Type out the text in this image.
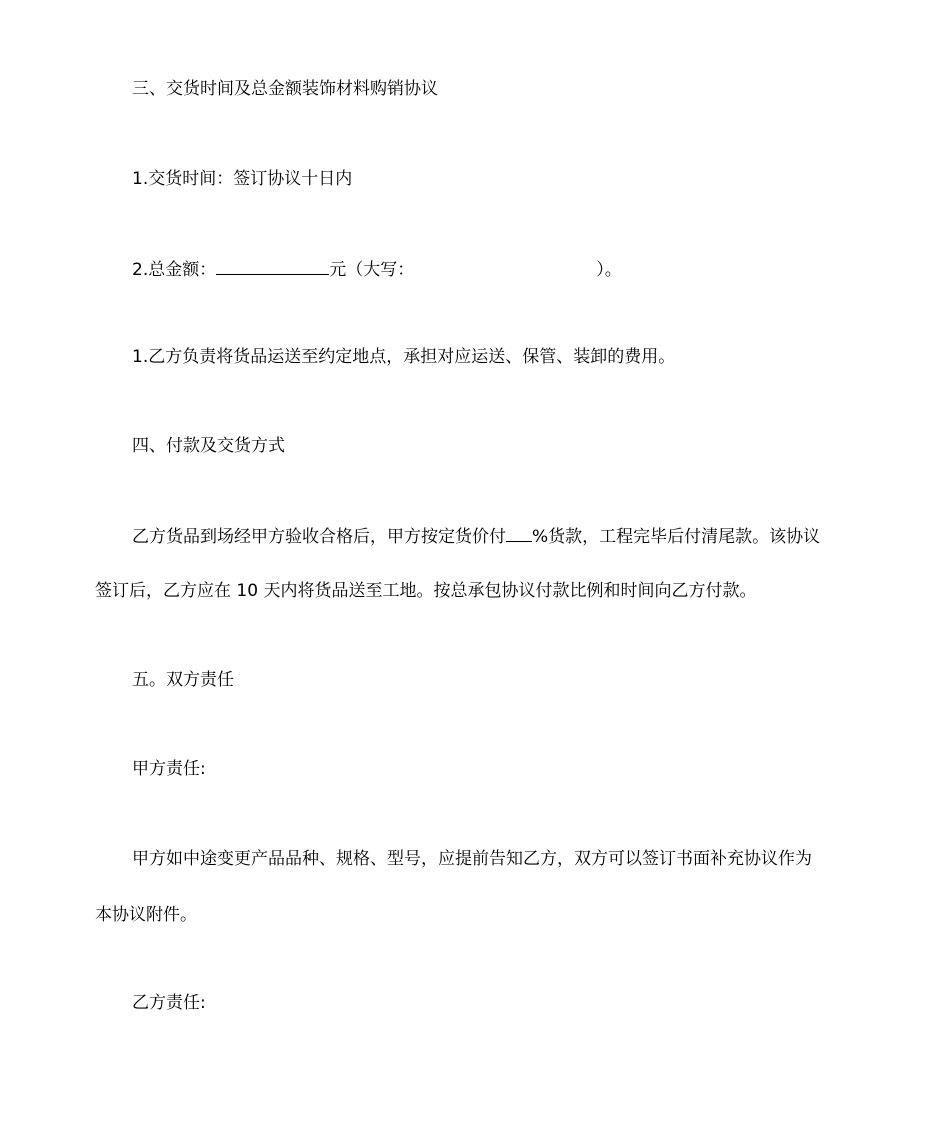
三、交货时间及总金额装饰材料购销协议
1.交货时间：签订协议十日内
2.总金额：	元（大写：	）。
1.乙方负责将货品运送至约定地点，承担对应运送、保管、装卸的费用。
四、付款及交货方式
乙方货品到场经甲方验收合格后，甲方按定货价付 %货款，工程完毕后付清尾款。该协议
签订后，乙方应在 10 天内将货品送至工地。按总承包协议付款比例和时间向乙方付款。
五。双方责任
甲方责任:
甲方如中途变更产品品种、规格、型号，应提前告知乙方，双方可以签订书面补充协议作为
本协议附件。
乙方责任:
